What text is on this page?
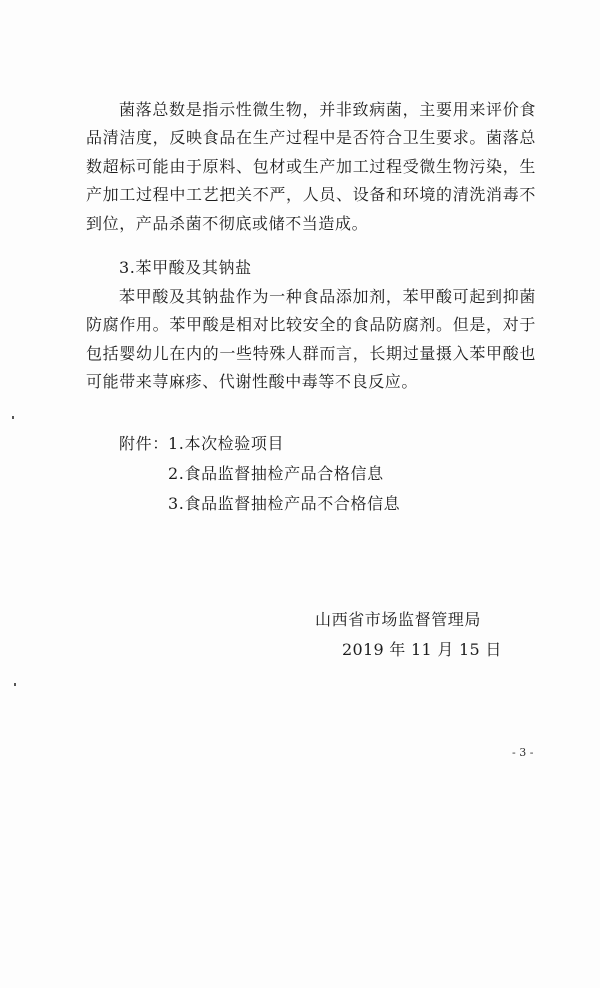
菌落总数是指示性微生物，并非致病菌，主要用来评价食品清洁度，反映食品在生产过程中是否符合卫生要求。菌落总数超标可能由于原料、包材或生产加工过程受微生物污染，生产加工过程中工艺把关不严，人员、设备和环境的清洗消毒不到位，产品杀菌不彻底或储不当造成。

3.苯甲酸及其钠盐

苯甲酸及其钠盐作为一种食品添加剂，苯甲酸可起到抑菌防腐作用。苯甲酸是相对比较安全的食品防腐剂。但是，对于包括婴幼儿在内的一些特殊人群而言，长期过量摄入苯甲酸也可能带来荨麻疹、代谢性酸中毒等不良反应。

附件： 1.本次检验项目
2.食品监督抽检产品合格信息
3.食品监督抽检产品不合格信息
山西省市场监督管理局
2019 年 11 月 15 日
- 3 -
